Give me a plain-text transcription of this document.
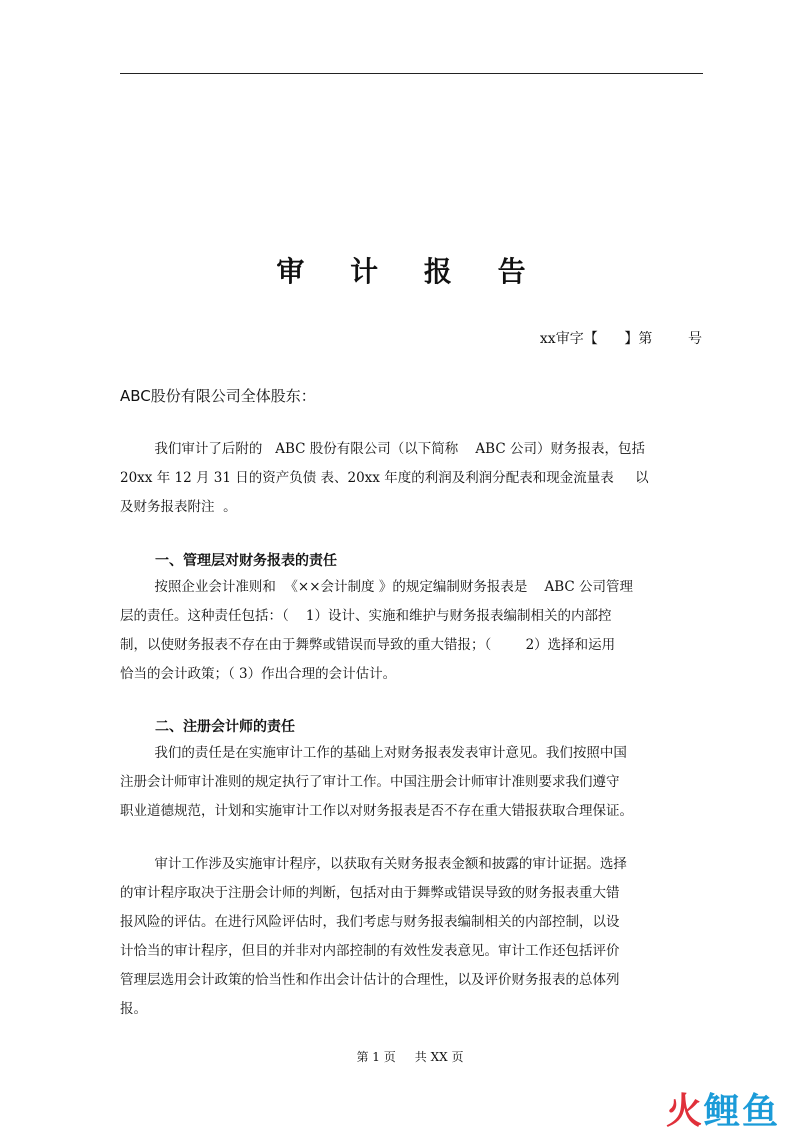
审 计 报 告
xx审字【      】第        号
ABC股份有限公司全体股东：
我们审计了后附的   ABC 股份有限公司（以下简称    ABC 公司）财务报表，包括
20xx 年 12 月 31 日的资产负债 表、20xx 年度的利润及利润分配表和现金流量表     以
及财务报表附注  。
一、管理层对财务报表的责任
按照企业会计准则和  《××会计制度 》的规定编制财务报表是    ABC 公司管理
层的责任。这种责任包括：（    1）设计、实施和维护与财务报表编制相关的内部控
制，以使财务报表不存在由于舞弊或错误而导致的重大错报；（        2）选择和运用
恰当的会计政策；（ 3）作出合理的会计估计。
二、注册会计师的责任
我们的责任是在实施审计工作的基础上对财务报表发表审计意见。我们按照中国
注册会计师审计准则的规定执行了审计工作。中国注册会计师审计准则要求我们遵守
职业道德规范，计划和实施审计工作以对财务报表是否不存在重大错报获取合理保证。
审计工作涉及实施审计程序，以获取有关财务报表金额和披露的审计证据。选择
的审计程序取决于注册会计师的判断，包括对由于舞弊或错误导致的财务报表重大错
报风险的评估。在进行风险评估时，我们考虑与财务报表编制相关的内部控制，以设
计恰当的审计程序，但目的并非对内部控制的有效性发表意见。审计工作还包括评价
管理层选用会计政策的恰当性和作出会计估计的合理性，以及评价财务报表的总体列
报。
第 1 页     共 XX 页
火鲤鱼
